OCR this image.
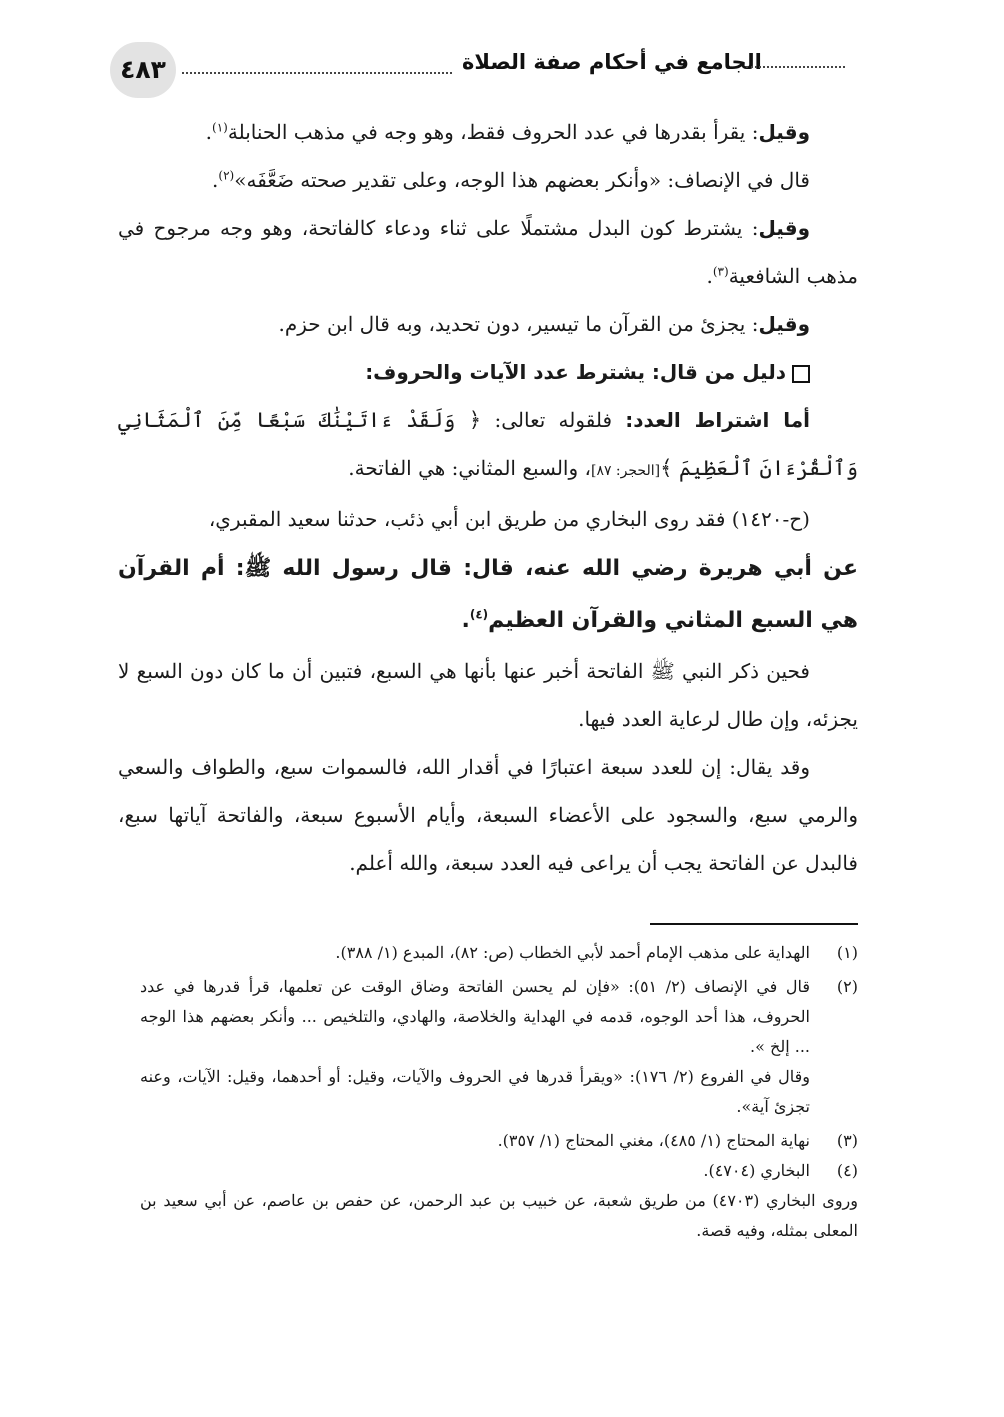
٤٨٣	الجامع في أحكام صفة الصلاة

وقيل: يقرأ بقدرها في عدد الحروف فقط، وهو وجه في مذهب الحنابلة$^{(١)}$.

قال في الإنصاف: «وأنكر بعضهم هذا الوجه، وعلى تقدير صحته ضَعَّفَه»$^{(٢)}$.

وقيل: يشترط كون البدل مشتملًا على ثناء ودعاء كالفاتحة، وهو وجه مرجوح في مذهب الشافعية$^{(٣)}$.

وقيل: يجزئ من القرآن ما تيسير، دون تحديد، وبه قال ابن حزم.

دليل من قال: يشترط عدد الآيات والحروف:

أما اشتراط العدد: فلقوله تعالى: ﴿ وَلَقَدْ ءَاتَيْنَٰكَ سَبْعًا مِّنَ ٱلْمَثَانِي وَٱلْقُرْءَانَ ٱلْعَظِيمَ ﴾[الحجر: ٨٧]، والسبع المثاني: هي الفاتحة.

(ح-١٤٢٠) فقد روى البخاري من طريق ابن أبي ذئب، حدثنا سعيد المقبري،

عن أبي هريرة رضي الله عنه، قال: قال رسول الله ﷺ: أم القرآن هي السبع المثاني والقرآن العظيم$^{(٤)}$.

فحين ذكر النبي ﷺ الفاتحة أخبر عنها بأنها هي السبع، فتبين أن ما كان دون السبع لا يجزئه، وإن طال لرعاية العدد فيها.

وقد يقال: إن للعدد سبعة اعتبارًا في أقدار الله، فالسموات سبع، والطواف والسعي والرمي سبع، والسجود على الأعضاء السبعة، وأيام الأسبوع سبعة، والفاتحة آياتها سبع، فالبدل عن الفاتحة يجب أن يراعى فيه العدد سبعة، والله أعلم.

(١)
الهداية على مذهب الإمام أحمد لأبي الخطاب (ص: ٨٢)، المبدع (١/ ٣٨٨).
(٢)
قال في الإنصاف (٢/ ٥١): «فإن لم يحسن الفاتحة وضاق الوقت عن تعلمها، قرأ قدرها في عدد الحروف، هذا أحد الوجوه، قدمه في الهداية والخلاصة، والهادي، والتلخيص ... وأنكر بعضهم هذا الوجه ... إلخ ».
وقال في الفروع (٢/ ١٧٦): «ويقرأ قدرها في الحروف والآيات، وقيل: أو أحدهما، وقيل: الآيات، وعنه تجزئ آية».
(٣)
نهاية المحتاج (١/ ٤٨٥)، مغني المحتاج (١/ ٣٥٧).
(٤)
البخاري (٤٧٠٤).
وروى البخاري (٤٧٠٣) من طريق شعبة، عن خبيب بن عبد الرحمن، عن حفص بن عاصم، عن أبي سعيد بن المعلى بمثله، وفيه قصة.
